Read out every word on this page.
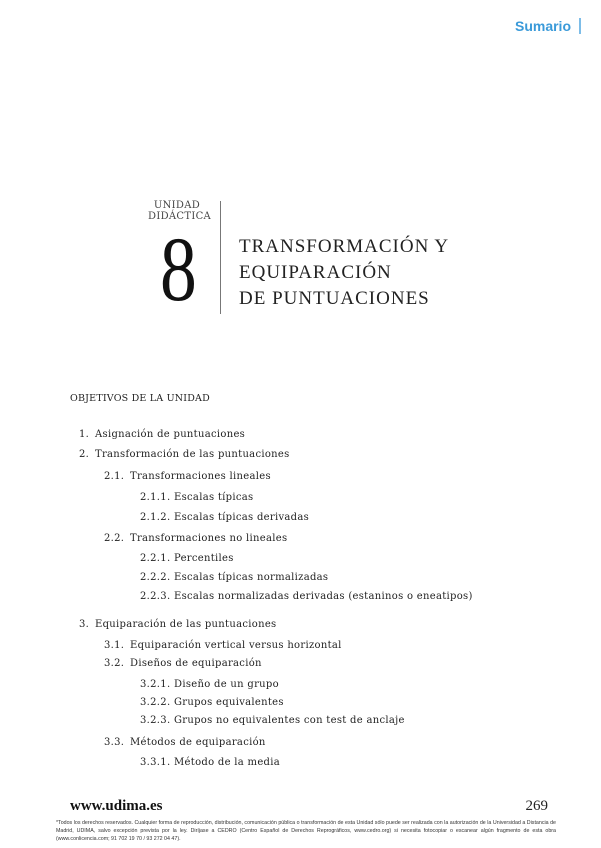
Sumario
UNIDAD
DIDÁCTICA
8 TRANSFORMACIÓN Y
EQUIPARACIÓN
DE PUNTUACIONES
OBJETIVOS DE LA UNIDAD
1. Asignación de puntuaciones
2. Transformación de las puntuaciones
2.1. Transformaciones lineales
2.1.1. Escalas típicas
2.1.2. Escalas típicas derivadas
2.2. Transformaciones no lineales
2.2.1. Percentiles
2.2.2. Escalas típicas normalizadas
2.2.3. Escalas normalizadas derivadas (estaninos o eneatipos)
3. Equiparación de las puntuaciones
3.1. Equiparación vertical versus horizontal
3.2. Diseños de equiparación
3.2.1. Diseño de un grupo
3.2.2. Grupos equivalentes
3.2.3. Grupos no equivalentes con test de anclaje
3.3. Métodos de equiparación
3.3.1. Método de la media
www.udima.es	269
*Todos los derechos reservados. Cualquier forma de reproducción, distribución, comunicación pública o transformación de esta Unidad sólo puede ser realizada con la autorización de la Universidad a Distancia de Madrid, UDIMA, salvo excepción prevista por la ley. Diríjase a CEDRO (Centro Español de Derechos Reprográficos, www.cedro.org) si necesita fotocopiar o escanear algún fragmento de esta obra (www.conlicencia.com; 91 702 19 70 / 93 272 04 47).
